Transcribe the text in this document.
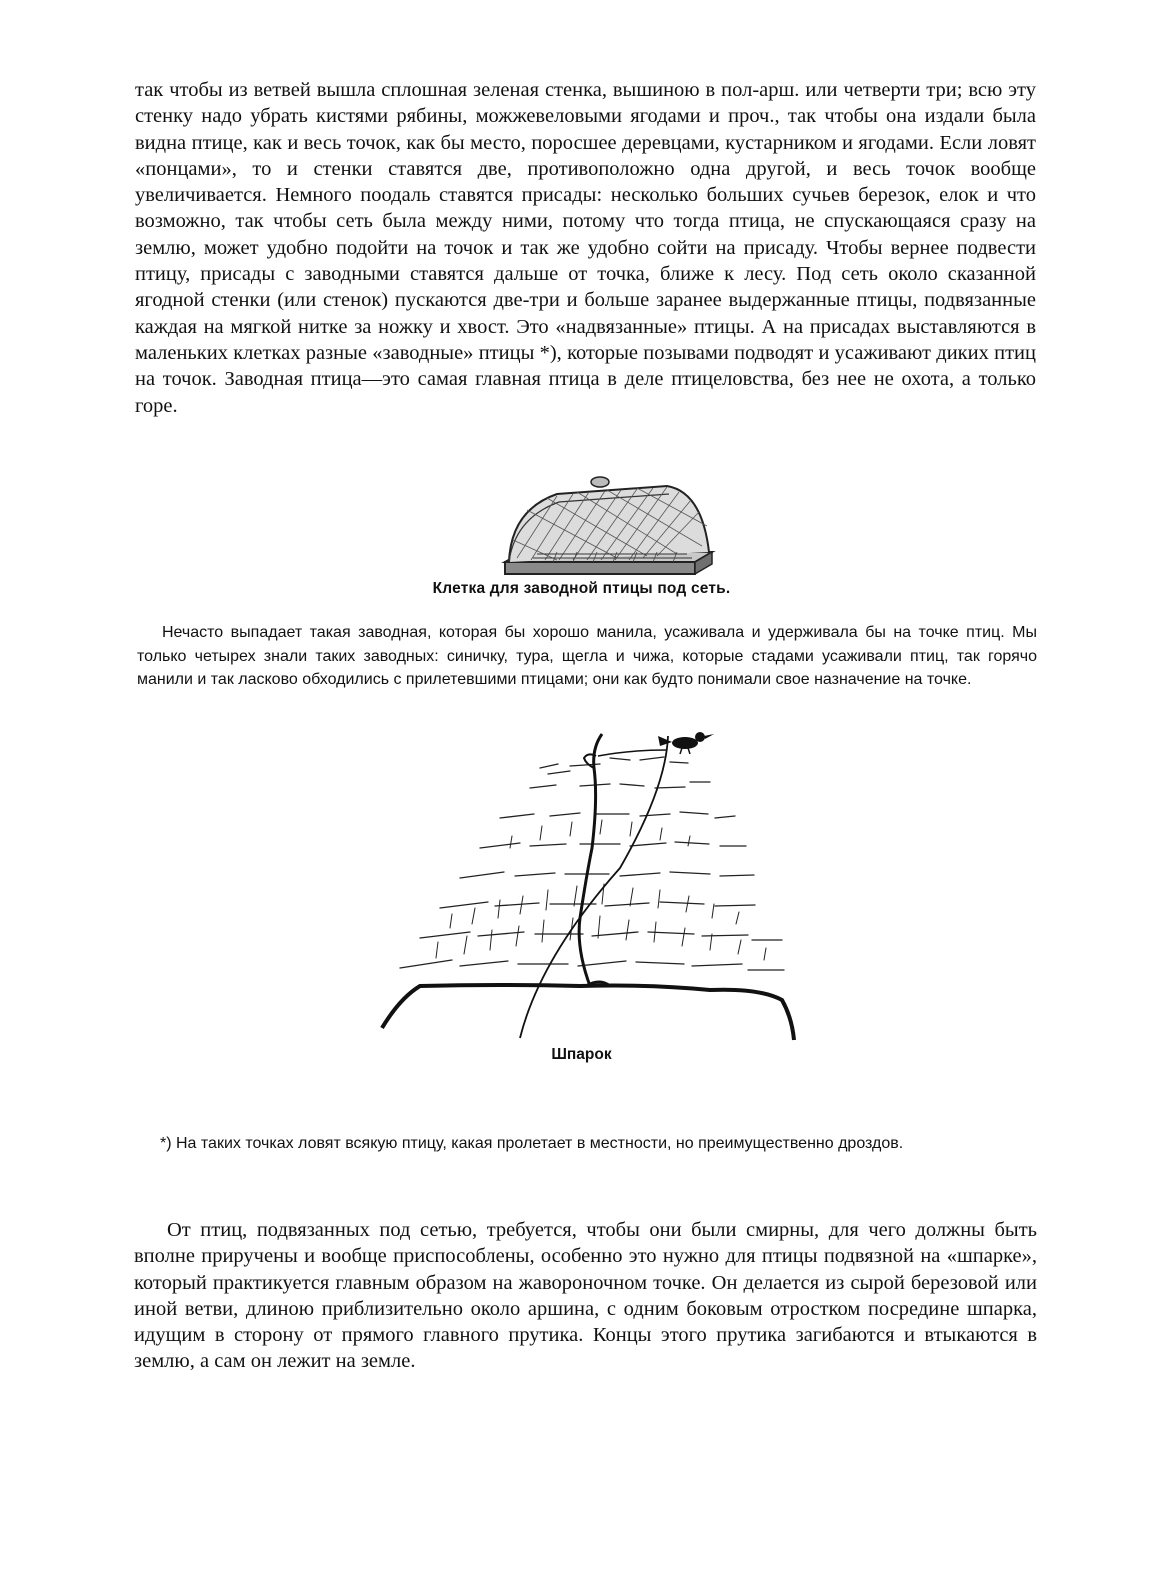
так чтобы из ветвей вышла сплошная зеленая стенка, вышиною в пол-арш. или четверти три; всю эту стенку надо убрать кистями рябины, можжевеловыми ягодами и проч., так чтобы она издали была видна птице, как и весь точок, как бы место, поросшее деревцами, кустарником и ягодами. Если ловят «понцами», то и стенки ставятся две, противоположно одна другой, и весь точок вообще увеличивается. Немного поодаль ставятся присады: несколько больших сучьев березок, елок и что возможно, так чтобы сеть была между ними, потому что тогда птица, не спускающаяся сразу на землю, может удобно подойти на точок и так же удобно сойти на присаду. Чтобы вернее подвести птицу, присады с заводными ставятся дальше от точка, ближе к лесу. Под сеть около сказанной ягодной стенки (или стенок) пускаются две-три и больше заранее выдержанные птицы, подвязанные каждая на мягкой нитке за ножку и хвост. Это «надвязанные» птицы. А на присадах выставляются в маленьких клетках разные «заводные» птицы *), которые позывами подводят и усаживают диких птиц на точок. Заводная птица—это самая главная птица в деле птицеловства, без нее не охота, а только горе.

Клетка для заводной птицы под сеть.

Нечасто выпадает такая заводная, которая бы хорошо манила, усаживала и удерживала бы на точке птиц. Мы только четырех знали таких заводных: синичку, тура, щегла и чижа, которые стадами усаживали птиц, так горячо манили и так ласково обходились с прилетевшими птицами; они как будто понимали свое назначение на точке.

Шпарок

*) На таких точках ловят всякую птицу, какая пролетает в местности, но преимущественно дроздов.

От птиц, подвязанных под сетью, требуется, чтобы они были смирны, для чего должны быть вполне приручены и вообще приспособлены, особенно это нужно для птицы подвязной на «шпарке», который практикуется главным образом на жавороночном точке. Он делается из сырой березовой или иной ветви, длиною приблизительно около аршина, с одним боковым отростком посредине шпарка, идущим в сторону от прямого главного прутика. Концы этого прутика загибаются и втыкаются в землю, а сам он лежит на земле.
